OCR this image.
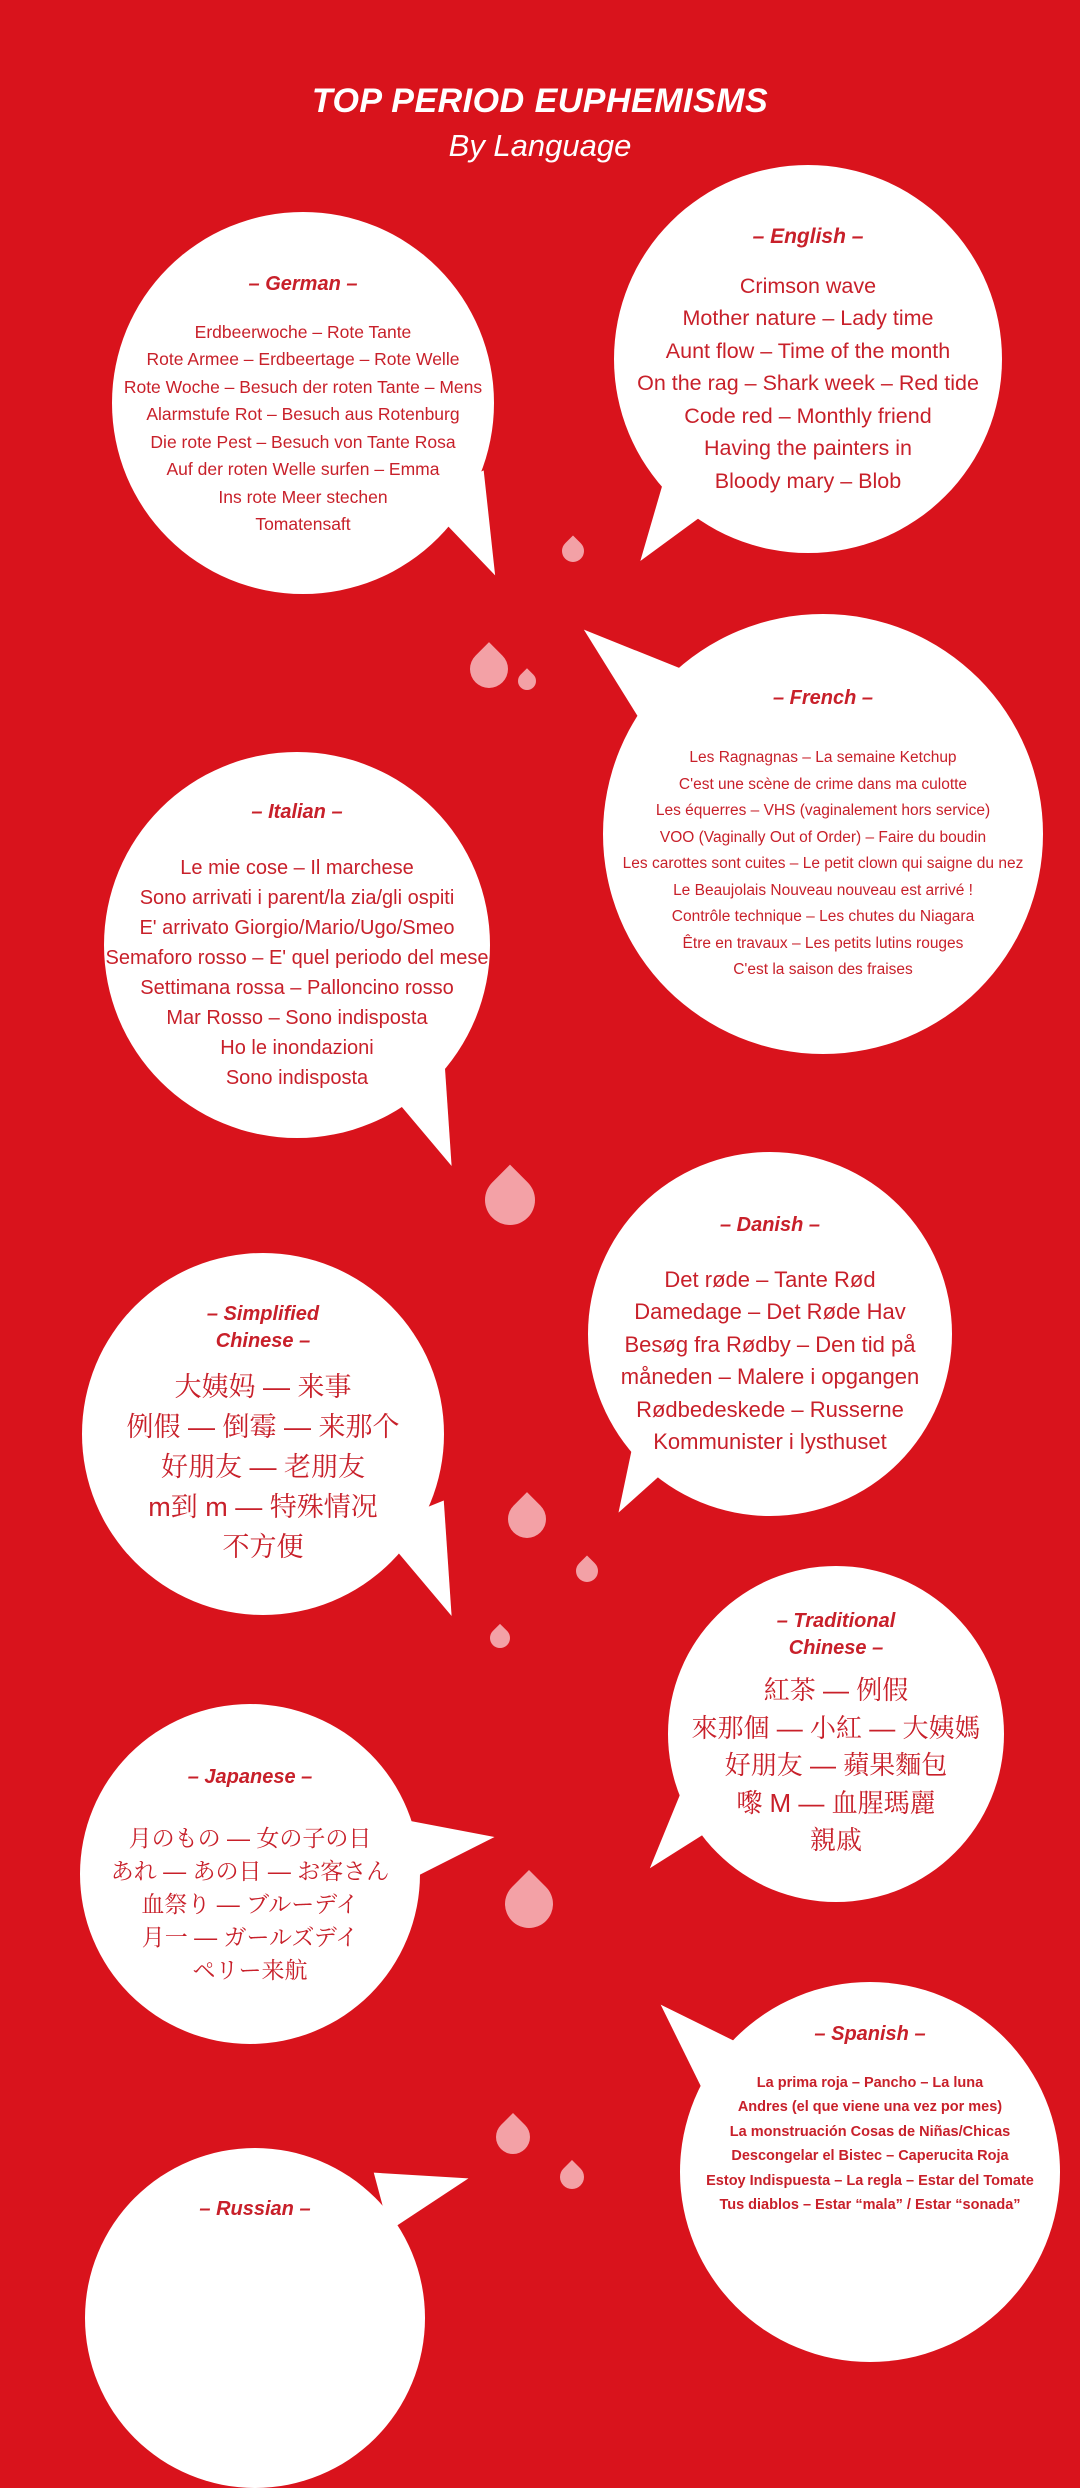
TOP PERIOD EUPHEMISMS
By Language
– German –
Erdbeerwoche – Rote Tante
Rote Armee – Erdbeertage – Rote Welle
Rote Woche – Besuch der roten Tante – Mens
Alarmstufe Rot – Besuch aus Rotenburg
Die rote Pest – Besuch von Tante Rosa
Auf der roten Welle surfen – Emma
Ins rote Meer stechen
Tomatensaft
– English –
Crimson wave
Mother nature – Lady time
Aunt flow – Time of the month
On the rag – Shark week – Red tide
Code red – Monthly friend
Having the painters in
Bloody mary – Blob
– French –
Les Ragnagnas – La semaine Ketchup
C'est une scène de crime dans ma culotte
Les équerres – VHS (vaginalement hors service)
VOO (Vaginally Out of Order) – Faire du boudin
Les carottes sont cuites – Le petit clown qui saigne du nez
Le Beaujolais Nouveau nouveau est arrivé !
Contrôle technique – Les chutes du Niagara
Être en travaux – Les petits lutins rouges
C'est la saison des fraises
– Italian –
Le mie cose – Il marchese
Sono arrivati i parent/la zia/gli ospiti
E' arrivato Giorgio/Mario/Ugo/Smeo
Semaforo rosso – E' quel periodo del mese
Settimana rossa – Palloncino rosso
Mar Rosso – Sono indisposta
Ho le inondazioni
Sono indisposta
– Danish –
Det røde – Tante Rød
Damedage – Det Røde Hav
Besøg fra Rødby – Den tid på
måneden – Malere i opgangen
Rødbedeskede – Russerne
Kommunister i lysthuset
– Simplified
Chinese –
大姨妈 — 来事
例假 — 倒霉 — 来那个
好朋友 — 老朋友
m到 m — 特殊情况
不方便
– Traditional
Chinese –
紅茶 — 例假
來那個 — 小紅 — 大姨媽
好朋友 — 蘋果麵包
嚟 M — 血腥瑪麗
親戚
– Japanese –
月のもの — 女の子の日
あれ — あの日 — お客さん
血祭り — ブルーデイ
月一 — ガールズデイ
ペリー来航
– Spanish –
La prima roja – Pancho – La luna
Andres (el que viene una vez por mes)
La monstruación Cosas de Niñas/Chicas
Descongelar el Bistec – Caperucita Roja
Estoy Indispuesta – La regla – Estar del Tomate
Tus diablos – Estar “mala” / Estar “sonada”
– Russian –
